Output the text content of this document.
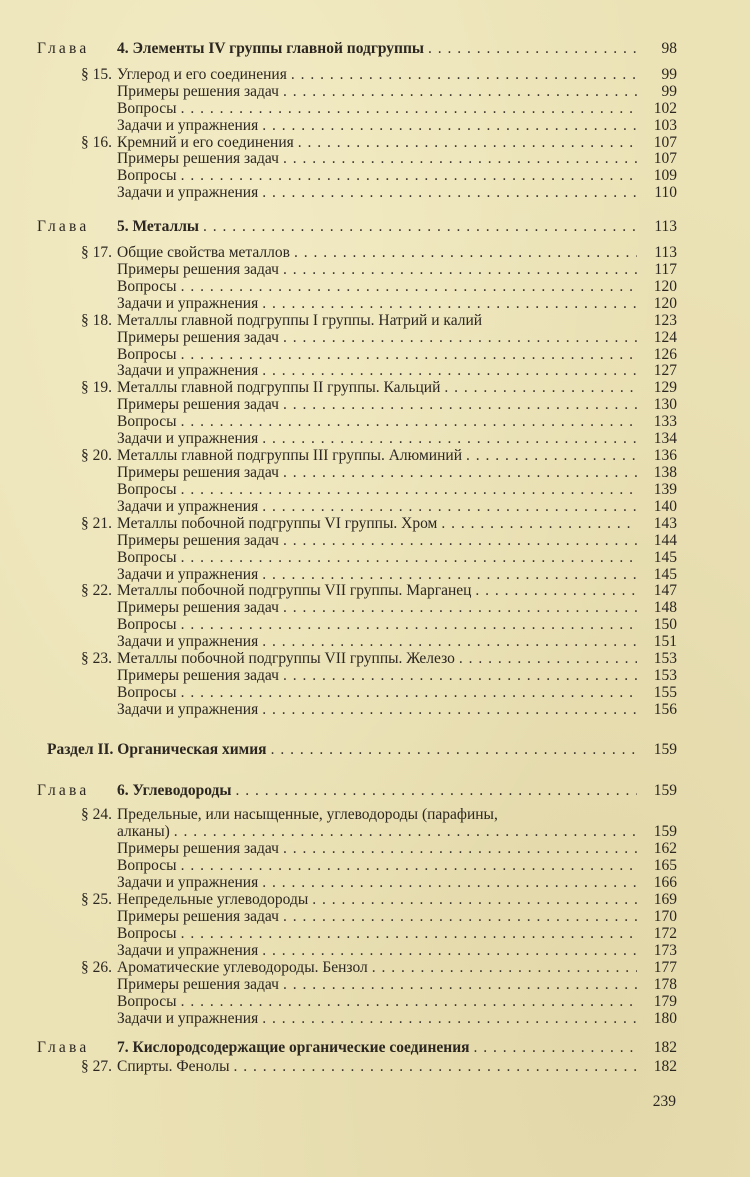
Глава	4. Элементы IV группы главной подгруппы . . .	98
§ 15. Углерод и его соединения . . .	99
Примеры решения задач . . .	99
Вопросы . . .	102
Задачи и упражнения . . .	103
§ 16. Кремний и его соединения . . .	107
Примеры решения задач . . .	107
Вопросы . . .	109
Задачи и упражнения . . .	110
Глава	5. Металлы . . .	113
§ 17. Общие свойства металлов . . .	113
Примеры решения задач . . .	117
Вопросы . . .	120
Задачи и упражнения . . .	120
§ 18. Металлы главной подгруппы I группы. Натрий и калий	123
Примеры решения задач . . .	124
Вопросы . . .	126
Задачи и упражнения . . .	127
§ 19. Металлы главной подгруппы II группы. Кальций . . .	129
Примеры решения задач . . .	130
Вопросы . . .	133
Задачи и упражнения . . .	134
§ 20. Металлы главной подгруппы III группы. Алюминий . . .	136
Примеры решения задач . . .	138
Вопросы . . .	139
Задачи и упражнения . . .	140
§ 21. Металлы побочной подгруппы VI группы. Хром . . .	143
Примеры решения задач . . .	144
Вопросы . . .	145
Задачи и упражнения . . .	145
§ 22. Металлы побочной подгруппы VII группы. Марганец . . .	147
Примеры решения задач . . .	148
Вопросы . . .	150
Задачи и упражнения . . .	151
§ 23. Металлы побочной подгруппы VII группы. Железо . . .	153
Примеры решения задач . . .	153
Вопросы . . .	155
Задачи и упражнения . . .	156
Раздел II. Органическая химия . . .	159
Глава	6. Углеводороды . . .	159
§ 24. Предельные, или насыщенные, углеводороды (парафины,
алканы) . . .	159
Примеры решения задач . . .	162
Вопросы . . .	165
Задачи и упражнения . . .	166
§ 25. Непредельные углеводороды . . .	169
Примеры решения задач . . .	170
Вопросы . . .	172
Задачи и упражнения . . .	173
§ 26. Ароматические углеводороды. Бензол . . .	177
Примеры решения задач . . .	178
Вопросы . . .	179
Задачи и упражнения . . .	180
Глава	7. Кислородсодержащие органические соединения . . .	182
§ 27. Спирты. Фенолы . . .	182
239
